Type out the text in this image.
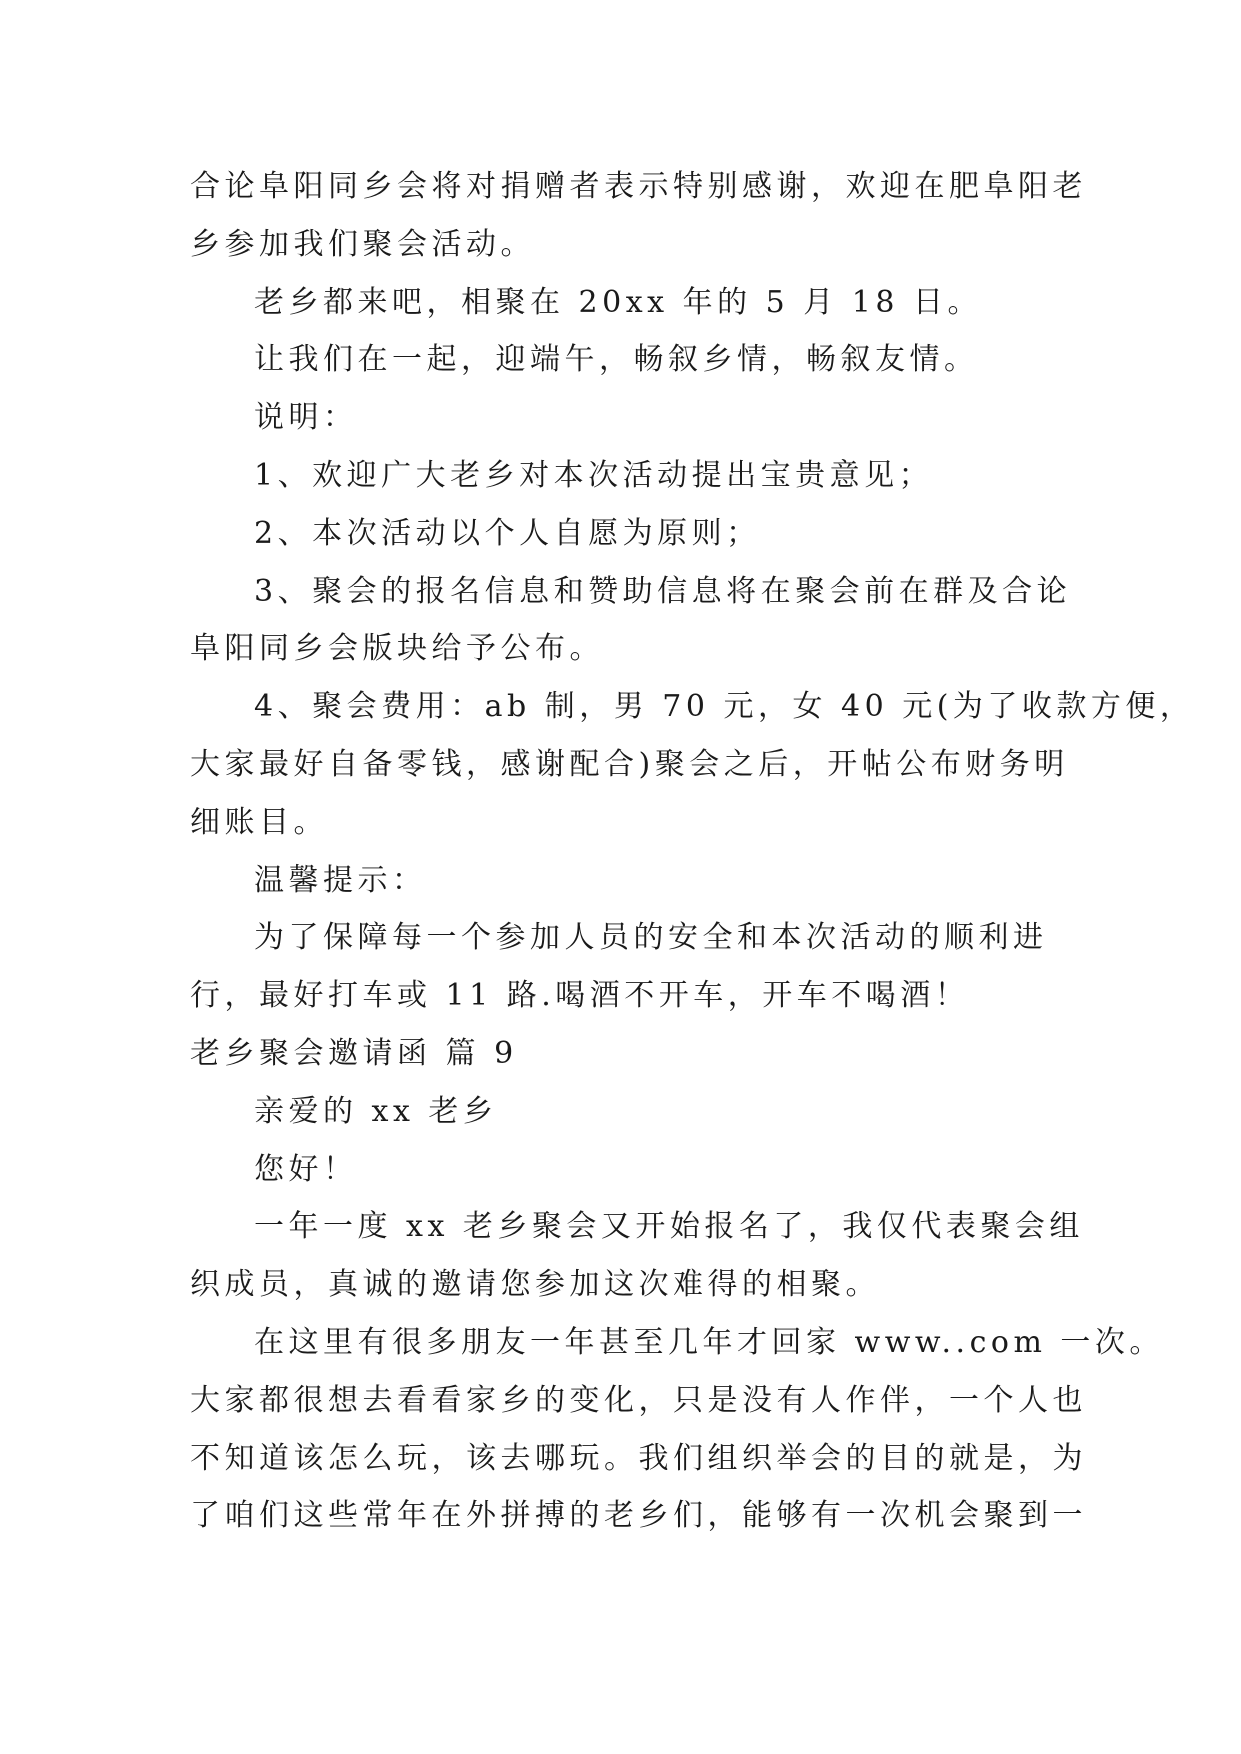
合论阜阳同乡会将对捐赠者表示特别感谢，欢迎在肥阜阳老
乡参加我们聚会活动。
老乡都来吧，相聚在 20xx 年的 5 月 18 日。
让我们在一起，迎端午，畅叙乡情，畅叙友情。
说明：
1、欢迎广大老乡对本次活动提出宝贵意见；
2、本次活动以个人自愿为原则；
3、聚会的报名信息和赞助信息将在聚会前在群及合论
阜阳同乡会版块给予公布。
4、聚会费用：ab 制，男 70 元，女 40 元(为了收款方便，
大家最好自备零钱，感谢配合)聚会之后，开帖公布财务明
细账目。
温馨提示：
为了保障每一个参加人员的安全和本次活动的顺利进
行，最好打车或 11 路.喝酒不开车，开车不喝酒！
老乡聚会邀请函 篇 9
亲爱的 xx 老乡
您好！
一年一度 xx 老乡聚会又开始报名了，我仅代表聚会组
织成员，真诚的邀请您参加这次难得的相聚。
在这里有很多朋友一年甚至几年才回家 www..com 一次。
大家都很想去看看家乡的变化，只是没有人作伴，一个人也
不知道该怎么玩，该去哪玩。我们组织举会的目的就是，为
了咱们这些常年在外拼搏的老乡们，能够有一次机会聚到一
